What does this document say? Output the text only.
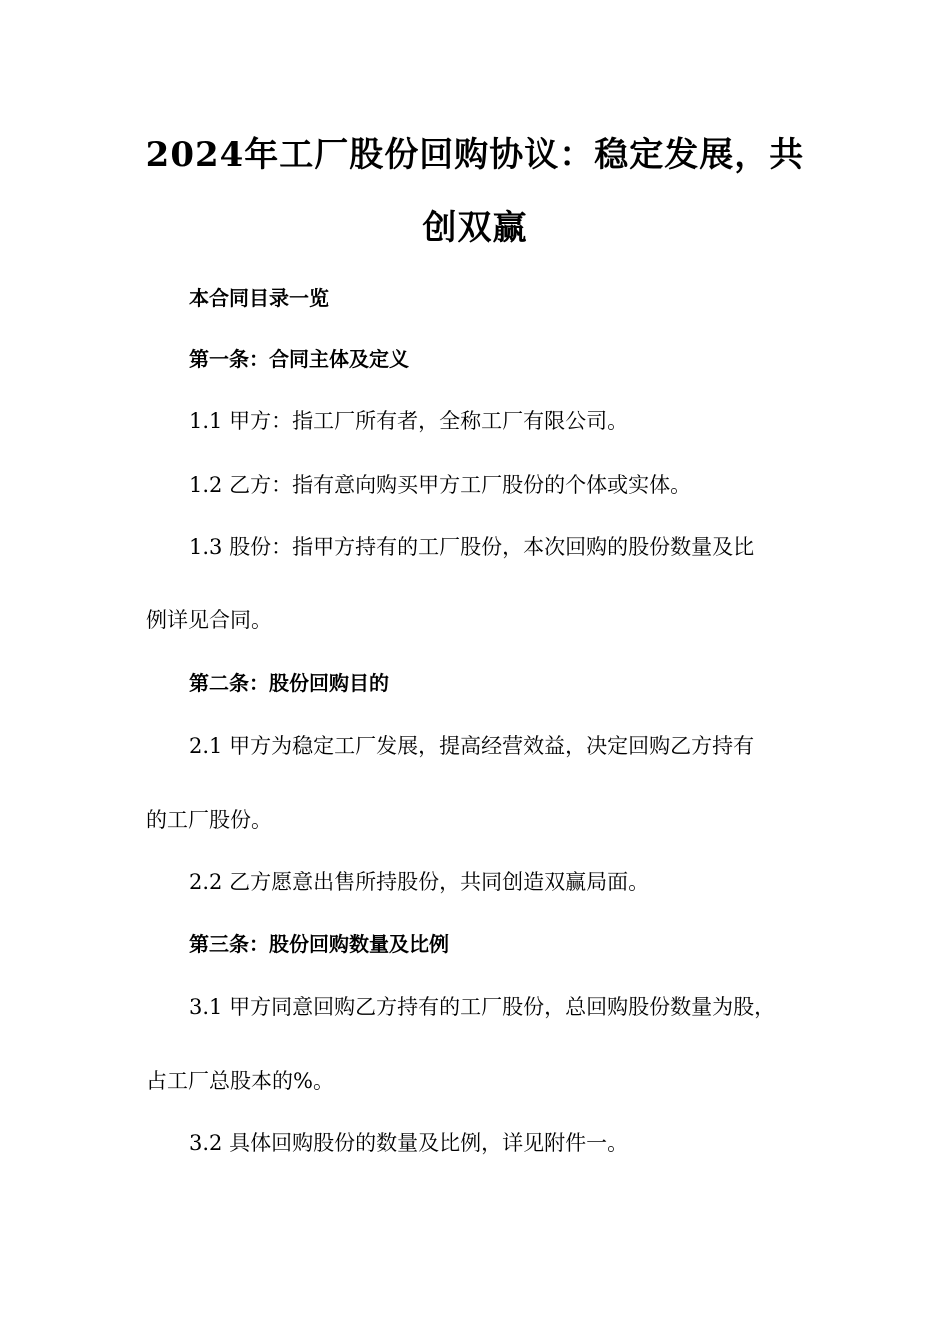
2024年工厂股份回购协议：稳定发展，共
创双赢
本合同目录一览
第一条：合同主体及定义
1.1 甲方：指工厂所有者，全称工厂有限公司。
1.2 乙方：指有意向购买甲方工厂股份的个体或实体。
1.3 股份：指甲方持有的工厂股份，本次回购的股份数量及比
例详见合同。
第二条：股份回购目的
2.1 甲方为稳定工厂发展，提高经营效益，决定回购乙方持有
的工厂股份。
2.2 乙方愿意出售所持股份，共同创造双赢局面。
第三条：股份回购数量及比例
3.1 甲方同意回购乙方持有的工厂股份，总回购股份数量为股，
占工厂总股本的%。
3.2 具体回购股份的数量及比例，详见附件一。
